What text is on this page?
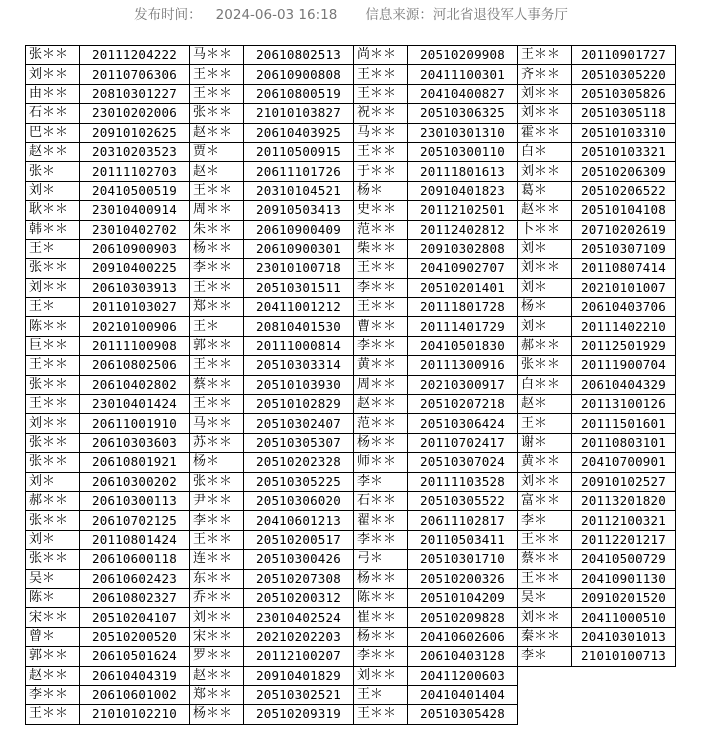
发布时间： 2024-06-03 16:18 信息来源：河北省退役军人事务厅
张＊＊	20111204222	马＊＊	20610802513	尚＊＊	20510209908	王＊＊	20110901727
刘＊＊	20110706306	王＊＊	20610900808	王＊＊	20411100301	齐＊＊	20510305220
由＊＊	20810301227	王＊＊	20610800519	王＊＊	20410400827	刘＊＊	20510305826
石＊＊	23010202006	张＊＊	21010103827	祝＊＊	20510306325	刘＊＊	20510305118
巴＊＊	20910102625	赵＊＊	20610403925	马＊＊	23010301310	霍＊＊	20510103310
赵＊＊	20310203523	贾＊	20110500915	王＊＊	20510300110	白＊	20510103321
张＊	20111102703	赵＊	20611101726	于＊＊	20111801613	刘＊＊	20510206309
刘＊	20410500519	王＊＊	20310104521	杨＊	20910401823	葛＊	20510206522
耿＊＊	23010400914	周＊＊	20910503413	史＊＊	20112102501	赵＊＊	20510104108
韩＊＊	23010402702	朱＊＊	20610900409	范＊＊	20112402812	卜＊＊	20710202619
王＊	20610900903	杨＊＊	20610900301	柴＊＊	20910302808	刘＊	20510307109
张＊＊	20910400225	李＊＊	23010100718	王＊＊	20410902707	刘＊＊	20110807414
刘＊＊	20610303913	王＊＊	20510301511	李＊＊	20510201401	刘＊	20210101007
王＊	20110103027	郑＊＊	20411001212	王＊＊	20111801728	杨＊	20610403706
陈＊＊	20210100906	王＊	20810401530	曹＊＊	20111401729	刘＊	20111402210
巨＊＊	20111100908	郭＊＊	20111000814	李＊＊	20410501830	郝＊＊	20112501929
王＊＊	20610802506	王＊＊	20510303314	黄＊＊	20111300916	张＊＊	20111900704
张＊＊	20610402802	蔡＊＊	20510103930	周＊＊	20210300917	白＊＊	20610404329
王＊＊	23010401424	王＊＊	20510102829	赵＊＊	20510207218	赵＊	20113100126
刘＊＊	20611001910	马＊＊	20510302407	范＊＊	20510306424	王＊	20111501601
张＊＊	20610303603	苏＊＊	20510305307	杨＊＊	20110702417	谢＊	20110803101
张＊＊	20610801921	杨＊	20510202328	师＊＊	20510307024	黄＊＊	20410700901
刘＊	20610300202	张＊＊	20510305225	李＊	20111103528	刘＊＊	20910102527
郝＊＊	20610300113	尹＊＊	20510306020	石＊＊	20510305522	富＊＊	20113201820
张＊＊	20610702125	李＊＊	20410601213	翟＊＊	20611102817	李＊	20112100321
刘＊	20110801424	王＊＊	20510200517	李＊＊	20110503411	王＊＊	20112201217
张＊＊	20610600118	连＊＊	20510300426	弓＊	20510301710	蔡＊＊	20410500729
吴＊	20610602423	东＊＊	20510207308	杨＊＊	20510200326	王＊＊	20410901130
陈＊	20610802327	乔＊＊	20510200312	陈＊＊	20510104209	吴＊	20910201520
宋＊＊	20510204107	刘＊＊	23010402524	崔＊＊	20510209828	刘＊＊	20411000510
曾＊	20510200520	宋＊＊	20210202203	杨＊＊	20410602606	秦＊＊	20410301013
郭＊＊	20610501624	罗＊＊	20112100207	李＊＊	20610403128	李＊	21010100713
赵＊＊	20610404319	赵＊＊	20910401829	刘＊＊	20411200603		
李＊＊	20610601002	郑＊＊	20510302521	王＊	20410401404		
王＊＊	21010102210	杨＊＊	20510209319	王＊＊	20510305428		
